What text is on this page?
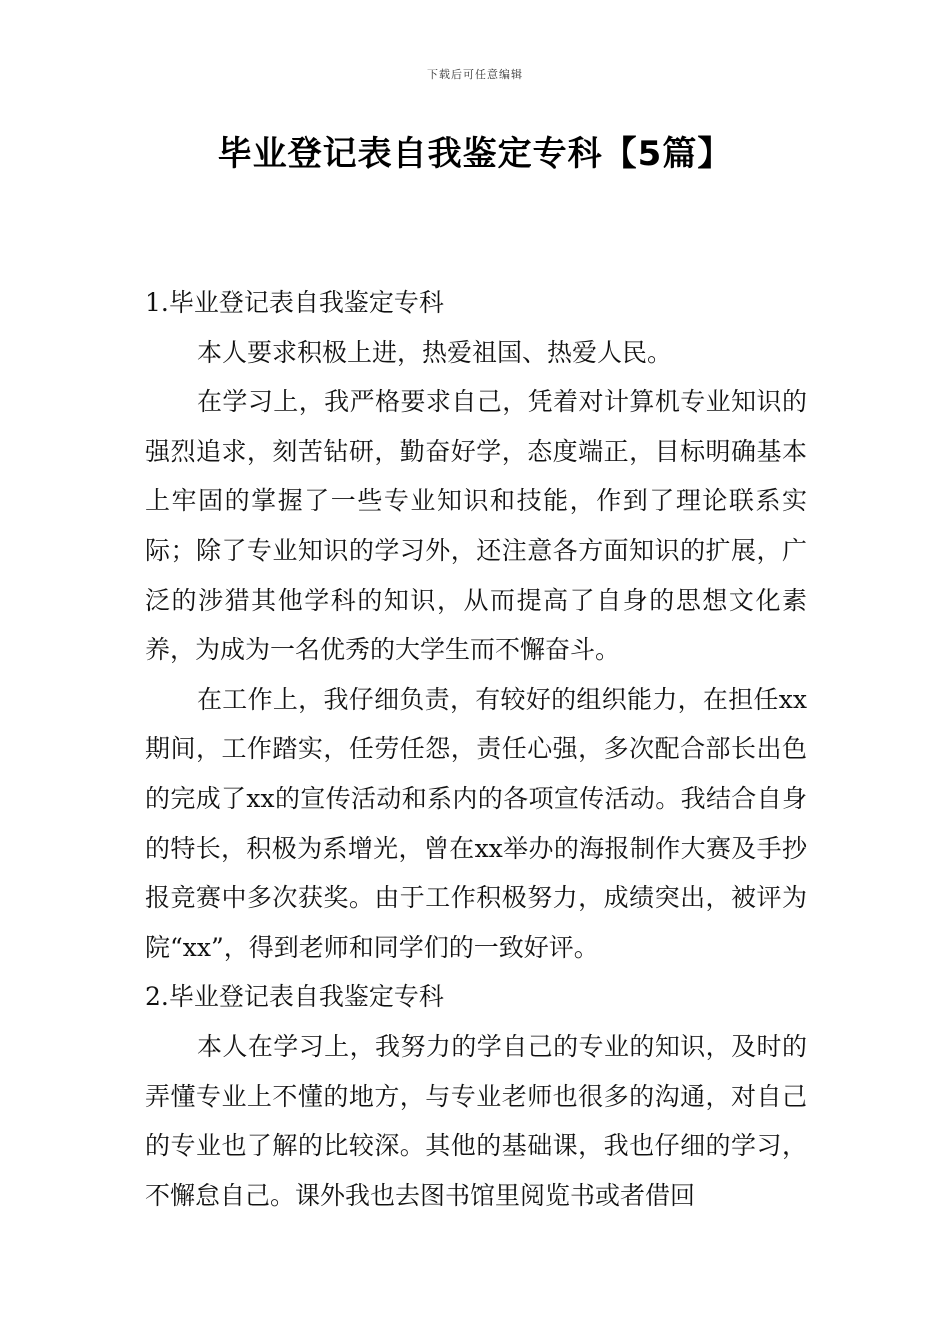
下载后可任意编辑
毕业登记表自我鉴定专科【5篇】

1.毕业登记表自我鉴定专科

本人要求积极上进，热爱祖国、热爱人民。

在学习上，我严格要求自己，凭着对计算机专业知识的强烈追求，刻苦钻研，勤奋好学，态度端正，目标明确基本上牢固的掌握了一些专业知识和技能，作到了理论联系实际；除了专业知识的学习外，还注意各方面知识的扩展，广泛的涉猎其他学科的知识，从而提高了自身的思想文化素养，为成为一名优秀的大学生而不懈奋斗。

在工作上，我仔细负责，有较好的组织能力，在担任xx期间，工作踏实，任劳任怨，责任心强，多次配合部长出色的完成了xx的宣传活动和系内的各项宣传活动。我结合自身的特长，积极为系增光，曾在xx举办的海报制作大赛及手抄报竞赛中多次获奖。由于工作积极努力，成绩突出，被评为院“xx”，得到老师和同学们的一致好评。

2.毕业登记表自我鉴定专科

本人在学习上，我努力的学自己的专业的知识，及时的弄懂专业上不懂的地方，与专业老师也很多的沟通，对自己的专业也了解的比较深。其他的基础课，我也仔细的学习，不懈怠自己。课外我也去图书馆里阅览书或者借回
